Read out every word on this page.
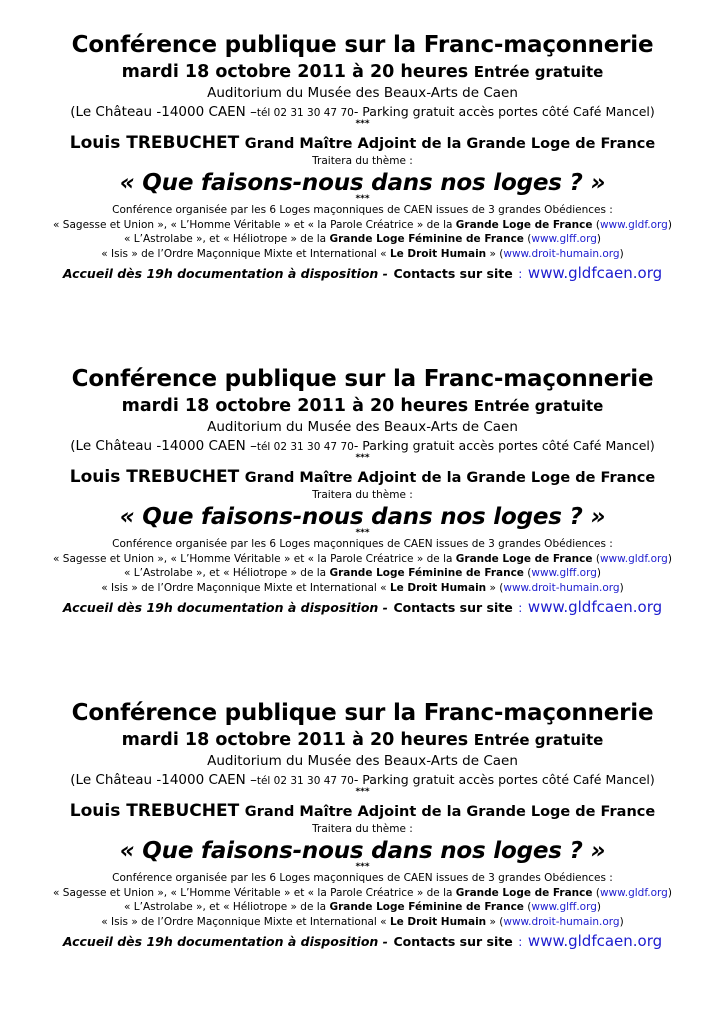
Conférence publique sur la Franc-maçonnerie
mardi 18 octobre 2011 à 20 heures Entrée gratuite
Auditorium du Musée des Beaux-Arts de Caen
(Le Château -14000 CAEN –tél 02 31 30 47 70- Parking gratuit accès portes côté Café Mancel)
***
Louis TREBUCHET Grand Maître Adjoint de la Grande Loge de France
Traitera du thème :
« Que faisons-nous dans nos loges ? »
***
Conférence organisée par les 6 Loges maçonniques de CAEN issues de 3 grandes Obédiences :
« Sagesse et Union », « L’Homme Véritable » et « la Parole Créatrice » de la Grande Loge de France (www.gldf.org)
« L’Astrolabe », et « Héliotrope » de la Grande Loge Féminine de France (www.glff.org)
« Isis » de l’Ordre Maçonnique Mixte et International « Le Droit Humain » (www.droit-humain.org)
Accueil dès 19h documentation à disposition - Contacts sur site : www.gldfcaen.org
Conférence publique sur la Franc-maçonnerie
mardi 18 octobre 2011 à 20 heures Entrée gratuite
Auditorium du Musée des Beaux-Arts de Caen
(Le Château -14000 CAEN –tél 02 31 30 47 70- Parking gratuit accès portes côté Café Mancel)
***
Louis TREBUCHET Grand Maître Adjoint de la Grande Loge de France
Traitera du thème :
« Que faisons-nous dans nos loges ? »
***
Conférence organisée par les 6 Loges maçonniques de CAEN issues de 3 grandes Obédiences :
« Sagesse et Union », « L’Homme Véritable » et « la Parole Créatrice » de la Grande Loge de France (www.gldf.org)
« L’Astrolabe », et « Héliotrope » de la Grande Loge Féminine de France (www.glff.org)
« Isis » de l’Ordre Maçonnique Mixte et International « Le Droit Humain » (www.droit-humain.org)
Accueil dès 19h documentation à disposition - Contacts sur site : www.gldfcaen.org
Conférence publique sur la Franc-maçonnerie
mardi 18 octobre 2011 à 20 heures Entrée gratuite
Auditorium du Musée des Beaux-Arts de Caen
(Le Château -14000 CAEN –tél 02 31 30 47 70- Parking gratuit accès portes côté Café Mancel)
***
Louis TREBUCHET Grand Maître Adjoint de la Grande Loge de France
Traitera du thème :
« Que faisons-nous dans nos loges ? »
***
Conférence organisée par les 6 Loges maçonniques de CAEN issues de 3 grandes Obédiences :
« Sagesse et Union », « L’Homme Véritable » et « la Parole Créatrice » de la Grande Loge de France (www.gldf.org)
« L’Astrolabe », et « Héliotrope » de la Grande Loge Féminine de France (www.glff.org)
« Isis » de l’Ordre Maçonnique Mixte et International « Le Droit Humain » (www.droit-humain.org)
Accueil dès 19h documentation à disposition - Contacts sur site : www.gldfcaen.org
